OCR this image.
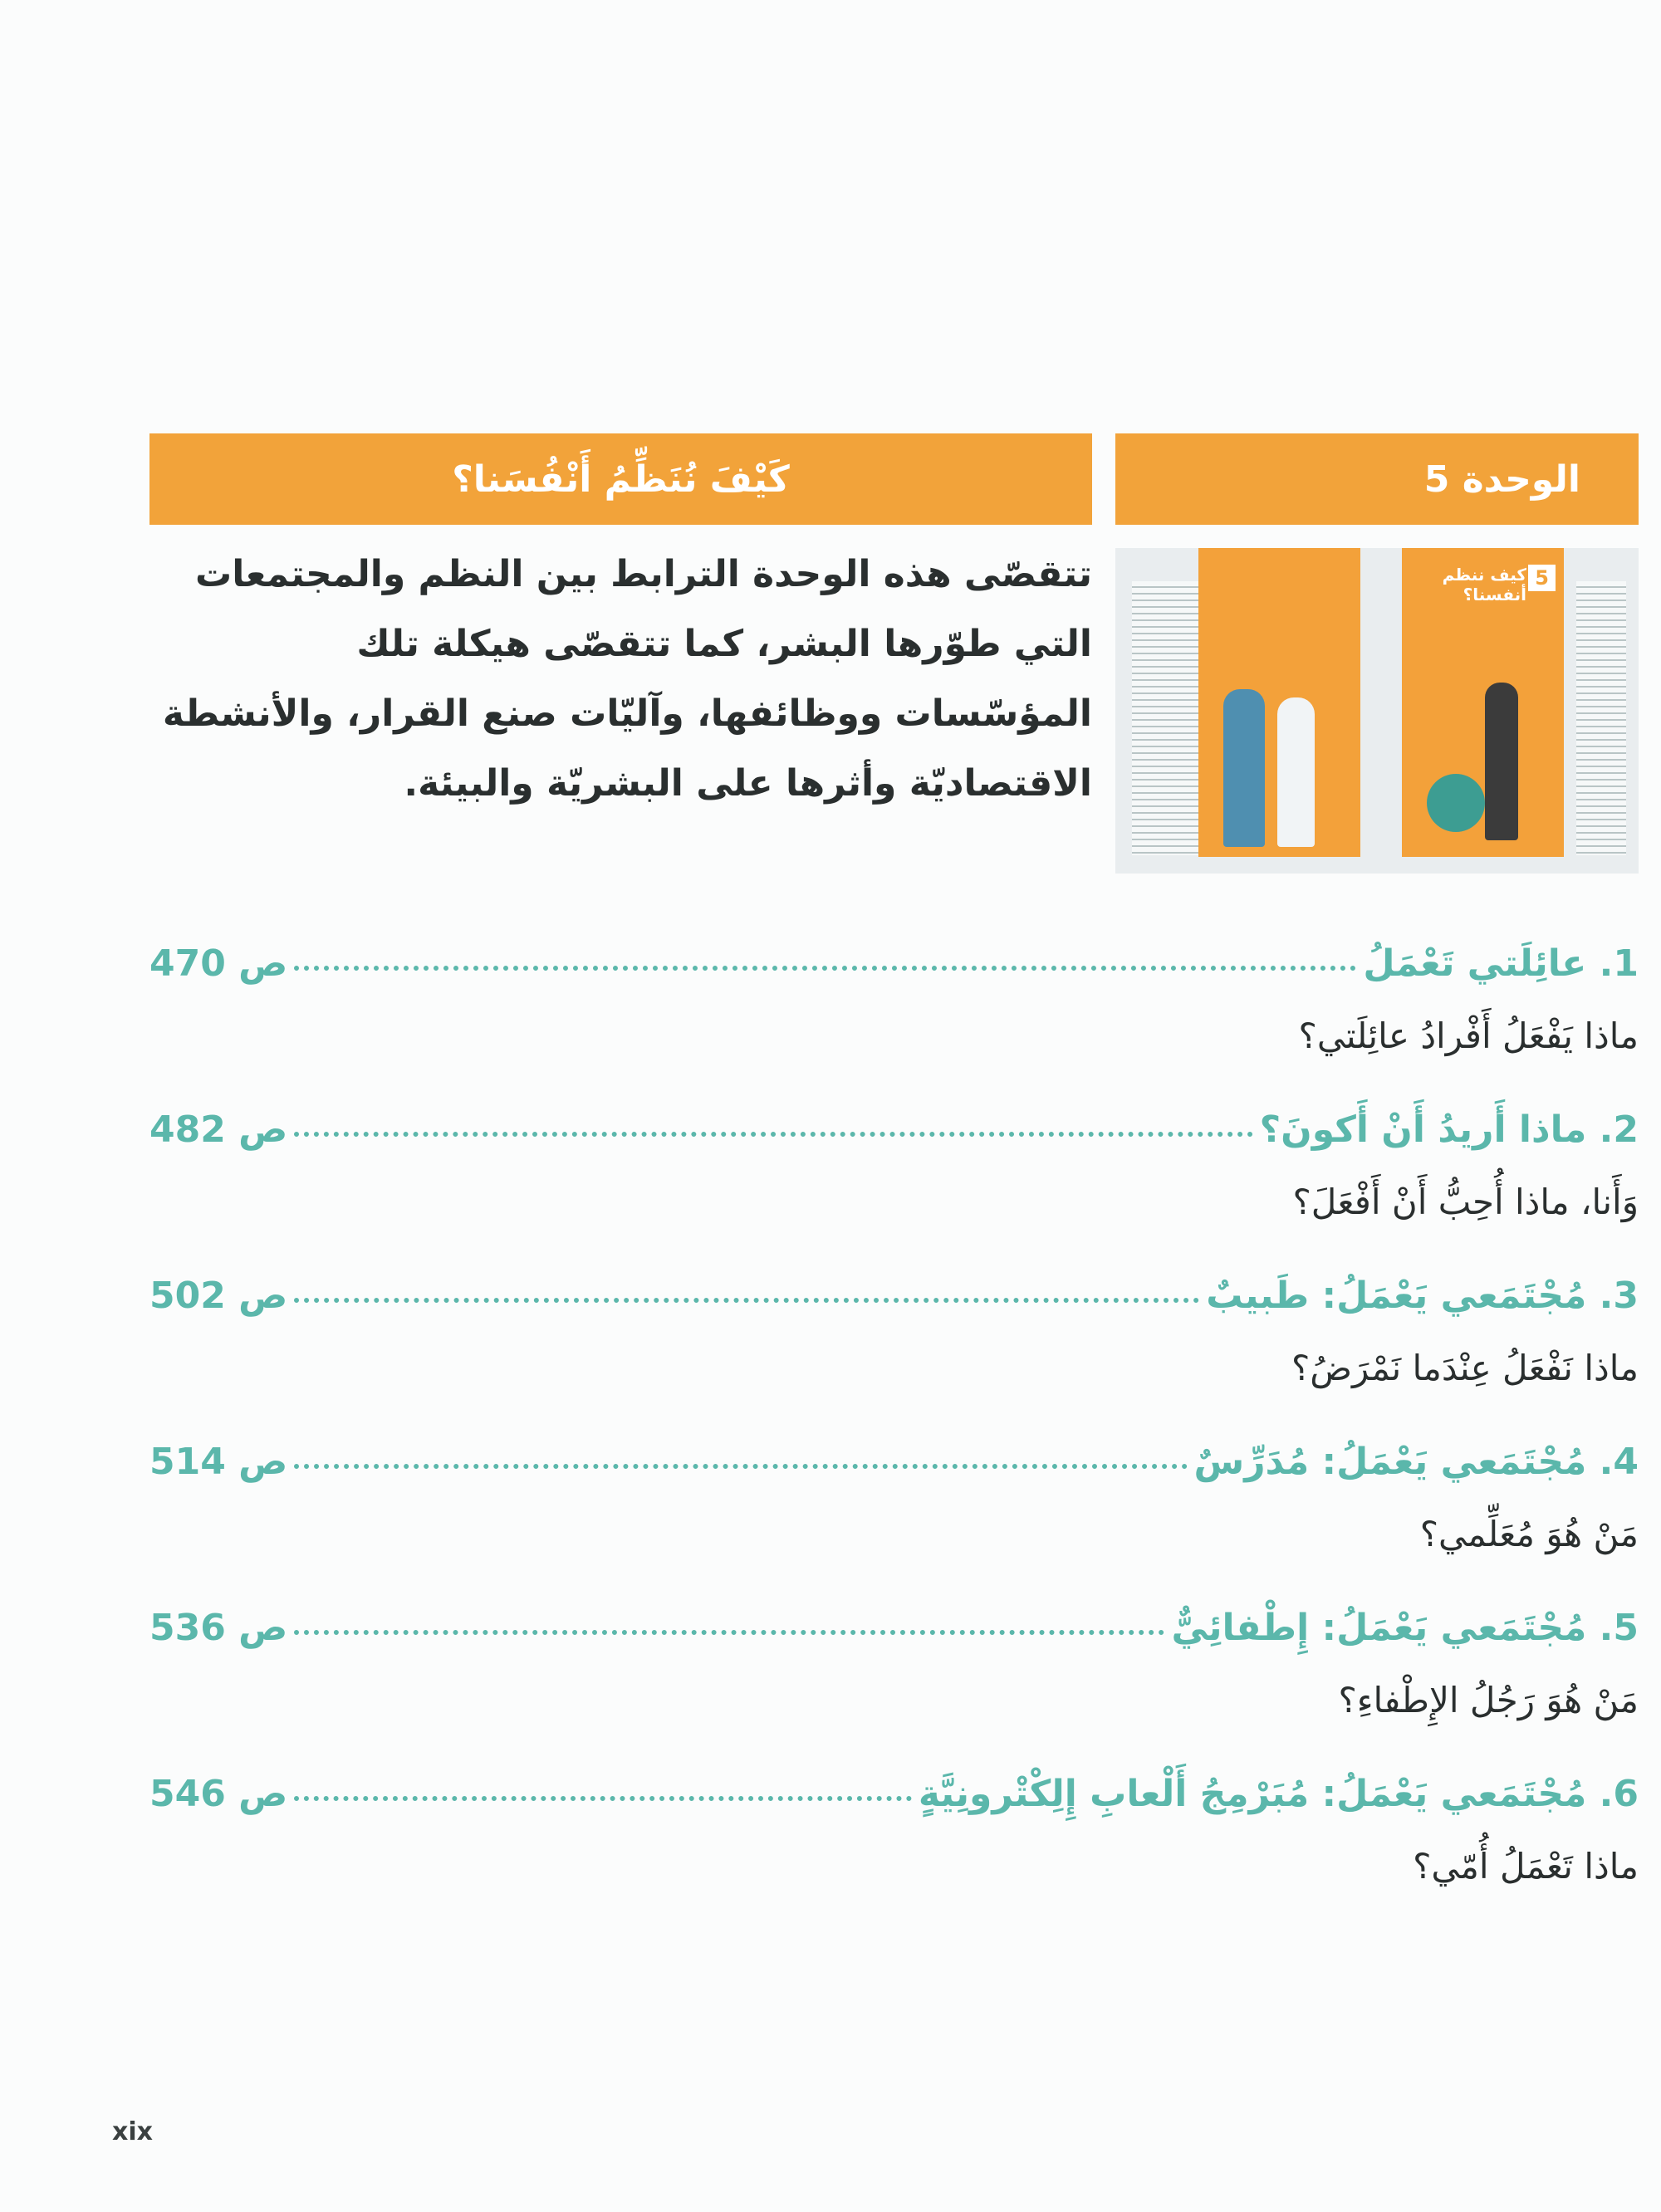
الوحدة 5
كَيْفَ نُنَظِّمُ أَنْفُسَنا؟
تتقصّى هذه الوحدة الترابط بين النظم والمجتمعات التي طوّرها البشر، كما تتقصّى هيكلة تلك المؤسّسات ووظائفها، وآليّات صنع القرار، والأنشطة الاقتصاديّة وأثرها على البشريّة والبيئة.
5
كيف ننظم أنفسنا؟
1. عائِلَتي تَعْمَلُ
ص 470
ماذا يَفْعَلُ أَفْرادُ عائِلَتي؟
2. ماذا أَريدُ أَنْ أَكونَ؟
ص 482
وَأَنا، ماذا أُحِبُّ أَنْ أَفْعَلَ؟
3. مُجْتَمَعي يَعْمَلُ: طَبيبٌ
ص 502
ماذا نَفْعَلُ عِنْدَما نَمْرَضُ؟
4. مُجْتَمَعي يَعْمَلُ: مُدَرِّسٌ
ص 514
مَنْ هُوَ مُعَلِّمي؟
5. مُجْتَمَعي يَعْمَلُ: إِطْفائِيٌّ
ص 536
مَنْ هُوَ رَجُلُ الإِطْفاءِ؟
6. مُجْتَمَعي يَعْمَلُ: مُبَرْمِجُ أَلْعابِ إِلِكْتْرونِيَّةٍ
ص 546
ماذا تَعْمَلُ أُمّي؟
xix
